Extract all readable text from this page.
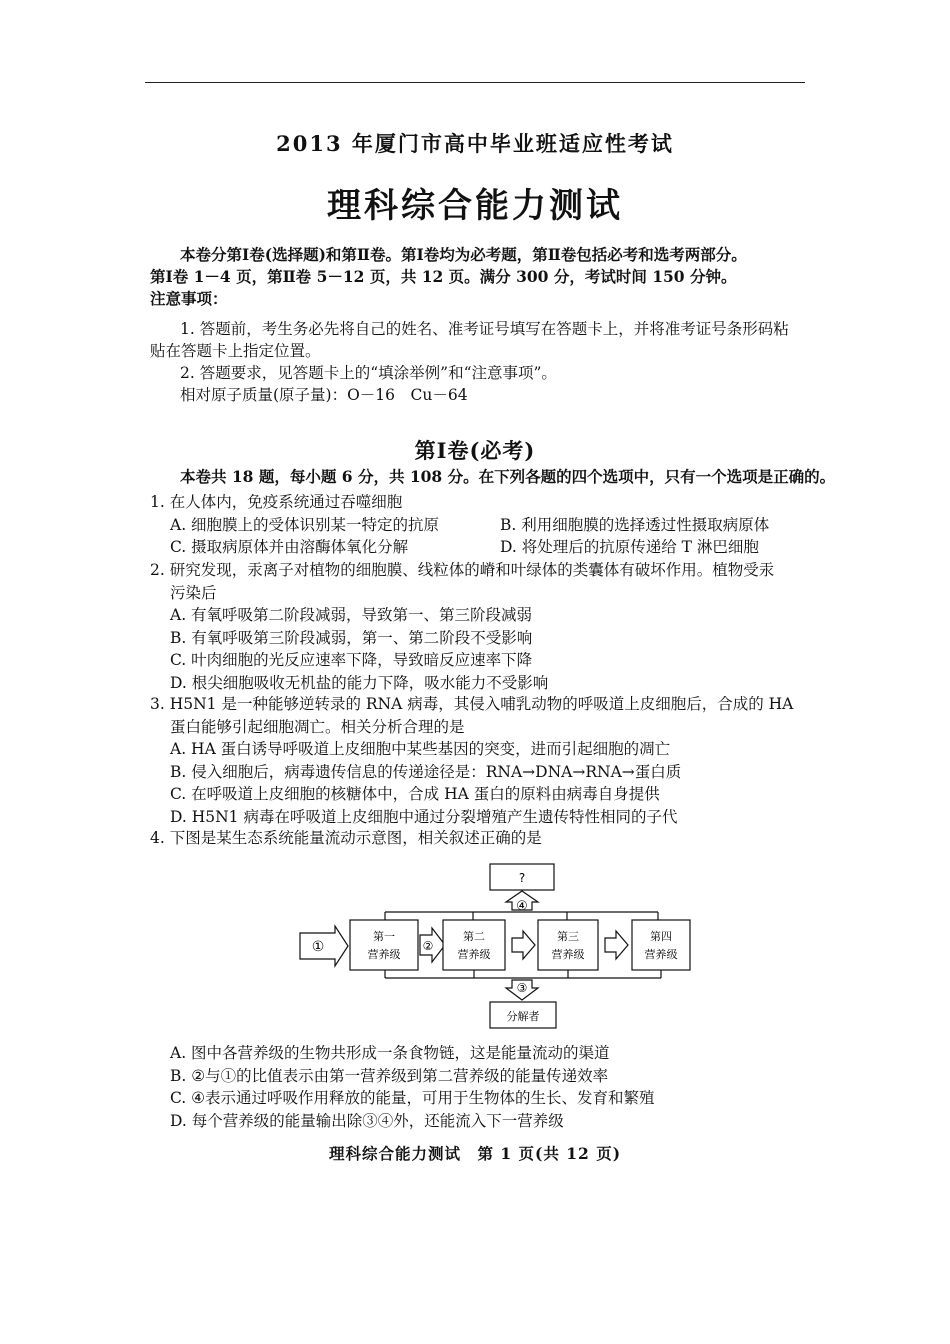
2013 年厦门市高中毕业班适应性考试
理科综合能力测试
本卷分第Ⅰ卷(选择题)和第Ⅱ卷。第Ⅰ卷均为必考题，第Ⅱ卷包括必考和选考两部分。
第Ⅰ卷 1－4 页，第Ⅱ卷 5－12 页，共 12 页。满分 300 分，考试时间 150 分钟。
注意事项：
1. 答题前，考生务必先将自己的姓名、准考证号填写在答题卡上，并将准考证号条形码粘
贴在答题卡上指定位置。
2. 答题要求，见答题卡上的“填涂举例”和“注意事项”。
相对原子质量(原子量)：O－16　Cu－64
第Ⅰ卷(必考)
本卷共 18 题，每小题 6 分，共 108 分。在下列各题的四个选项中，只有一个选项是正确的。
1. 在人体内，免疫系统通过吞噬细胞
A. 细胞膜上的受体识别某一特定的抗原	B. 利用细胞膜的选择透过性摄取病原体
C. 摄取病原体并由溶酶体氧化分解	D. 将处理后的抗原传递给 T 淋巴细胞
2. 研究发现，汞离子对植物的细胞膜、线粒体的嵴和叶绿体的类囊体有破坏作用。植物受汞
污染后
A. 有氧呼吸第二阶段减弱，导致第一、第三阶段减弱
B. 有氧呼吸第三阶段减弱，第一、第二阶段不受影响
C. 叶肉细胞的光反应速率下降，导致暗反应速率下降
D. 根尖细胞吸收无机盐的能力下降，吸水能力不受影响
3. H5N1 是一种能够逆转录的 RNA 病毒，其侵入哺乳动物的呼吸道上皮细胞后，合成的 HA
蛋白能够引起细胞凋亡。相关分析合理的是
A. HA 蛋白诱导呼吸道上皮细胞中某些基因的突变，进而引起细胞的凋亡
B. 侵入细胞后，病毒遗传信息的传递途径是：RNA→DNA→RNA→蛋白质
C. 在呼吸道上皮细胞的核糖体中，合成 HA 蛋白的原料由病毒自身提供
D. H5N1 病毒在呼吸道上皮细胞中通过分裂增殖产生遗传特性相同的子代
4. 下图是某生态系统能量流动示意图，相关叙述正确的是
?
④
①
第一
营养级
②
第二
营养级
第三
营养级
第四
营养级
③
分解者
A. 图中各营养级的生物共形成一条食物链，这是能量流动的渠道
B. ②与①的比值表示由第一营养级到第二营养级的能量传递效率
C. ④表示通过呼吸作用释放的能量，可用于生物体的生长、发育和繁殖
D. 每个营养级的能量输出除③④外，还能流入下一营养级
理科综合能力测试　第 1 页(共 12 页)
